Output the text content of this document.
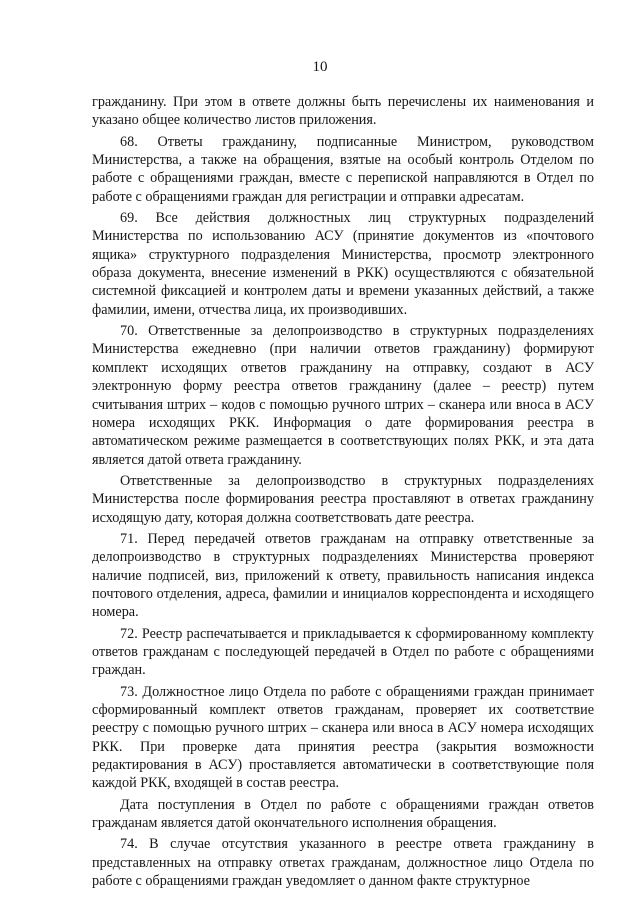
10

гражданину. При этом в ответе должны быть перечислены их наименования и указано общее количество листов приложения.

68. Ответы гражданину, подписанные Министром, руководством Министерства, а также на обращения, взятые на особый контроль Отделом по работе с обращениями граждан, вместе с перепиской направляются в Отдел по работе с обращениями граждан для регистрации и отправки адресатам.

69. Все действия должностных лиц структурных подразделений Министерства по использованию АСУ (принятие документов из «почтового ящика» структурного подразделения Министерства, просмотр электронного образа документа, внесение изменений в РКК) осуществляются с обязательной системной фиксацией и контролем даты и времени указанных действий, а также фамилии, имени, отчества лица, их производивших.

70. Ответственные за делопроизводство в структурных подразделениях Министерства ежедневно (при наличии ответов гражданину) формируют комплект исходящих ответов гражданину на отправку, создают в АСУ электронную форму реестра ответов гражданину (далее – реестр) путем считывания штрих – кодов с помощью ручного штрих – сканера или вноса в АСУ номера исходящих РКК. Информация о дате формирования реестра в автоматическом режиме размещается в соответствующих полях РКК, и эта дата является датой ответа гражданину.

Ответственные за делопроизводство в структурных подразделениях Министерства после формирования реестра проставляют в ответах гражданину исходящую дату, которая должна соответствовать дате реестра.

71. Перед передачей ответов гражданам на отправку ответственные за делопроизводство в структурных подразделениях Министерства проверяют наличие подписей, виз, приложений к ответу, правильность написания индекса почтового отделения, адреса, фамилии и инициалов корреспондента и исходящего номера.

72. Реестр распечатывается и прикладывается к сформированному комплекту ответов гражданам с последующей передачей в Отдел по работе с обращениями граждан.

73. Должностное лицо Отдела по работе с обращениями граждан принимает сформированный комплект ответов гражданам, проверяет их соответствие реестру с помощью ручного штрих – сканера или вноса в АСУ номера исходящих РКК. При проверке дата принятия реестра (закрытия возможности редактирования в АСУ) проставляется автоматически в соответствующие поля каждой РКК, входящей в состав реестра.

Дата поступления в Отдел по работе с обращениями граждан ответов гражданам является датой окончательного исполнения обращения.

74. В случае отсутствия указанного в реестре ответа гражданину в представленных на отправку ответах гражданам, должностное лицо Отдела по работе с обращениями граждан уведомляет о данном факте структурное
